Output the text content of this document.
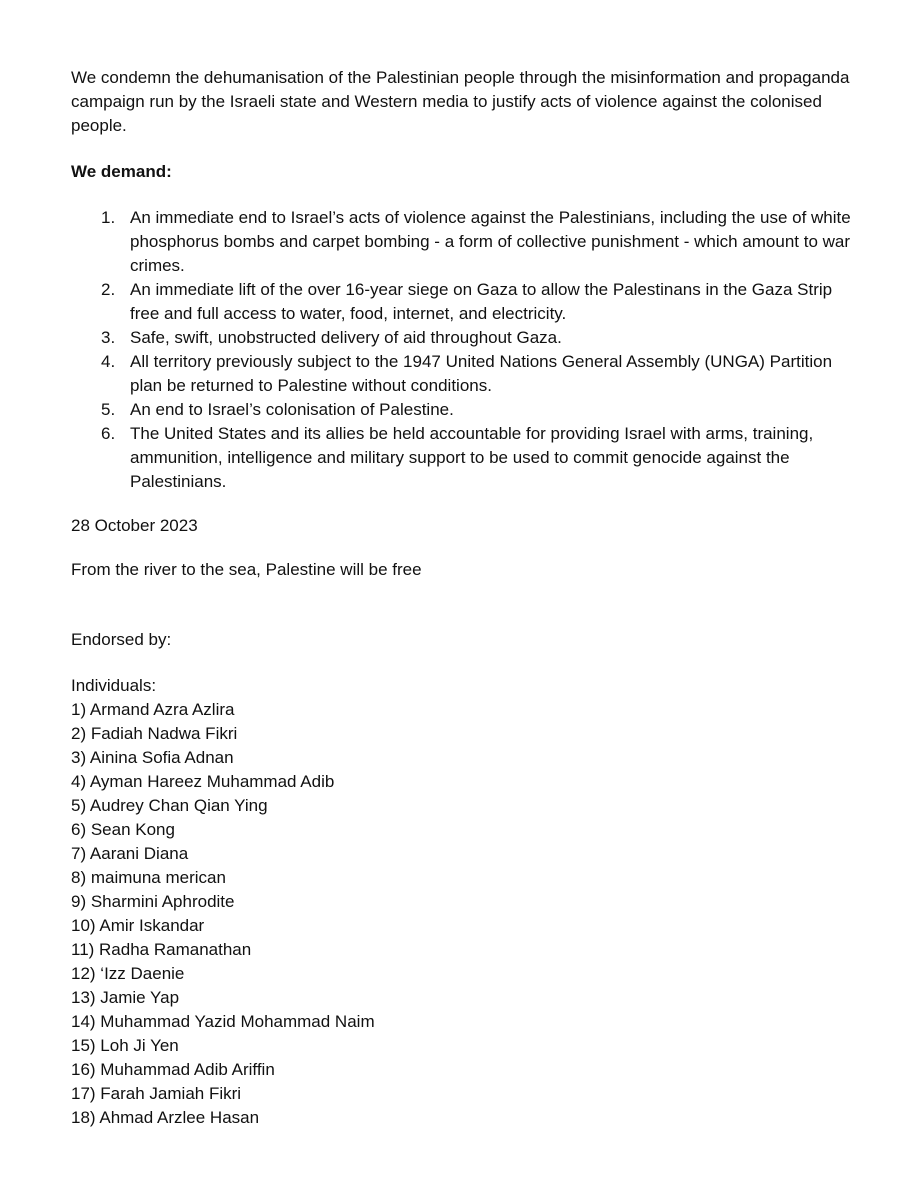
We condemn the dehumanisation of the Palestinian people through the misinformation and propaganda campaign run by the Israeli state and Western media to justify acts of violence against the colonised people.

We demand:

1. An immediate end to Israel’s acts of violence against the Palestinians, including the use of white phosphorus bombs and carpet bombing - a form of collective punishment - which amount to war crimes.
2. An immediate lift of the over 16-year siege on Gaza to allow the Palestinans in the Gaza Strip free and full access to water, food, internet, and electricity.
3. Safe, swift, unobstructed delivery of aid throughout Gaza.
4. All territory previously subject to the 1947 United Nations General Assembly (UNGA) Partition plan be returned to Palestine without conditions.
5. An end to Israel’s colonisation of Palestine.
6. The United States and its allies be held accountable for providing Israel with arms, training, ammunition, intelligence and military support to be used to commit genocide against the Palestinians.

28 October 2023

From the river to the sea, Palestine will be free

Endorsed by:

Individuals:

1) Armand Azra Azlira
2) Fadiah Nadwa Fikri
3) Ainina Sofia Adnan
4) Ayman Hareez Muhammad Adib
5) Audrey Chan Qian Ying
6) Sean Kong
7) Aarani Diana
8) maimuna merican
9) Sharmini Aphrodite
10) Amir Iskandar
11) Radha Ramanathan
12) ‘Izz Daenie
13) Jamie Yap
14) Muhammad Yazid Mohammad Naim
15) Loh Ji Yen
16) Muhammad Adib Ariffin
17) Farah Jamiah Fikri
18) Ahmad Arzlee Hasan
